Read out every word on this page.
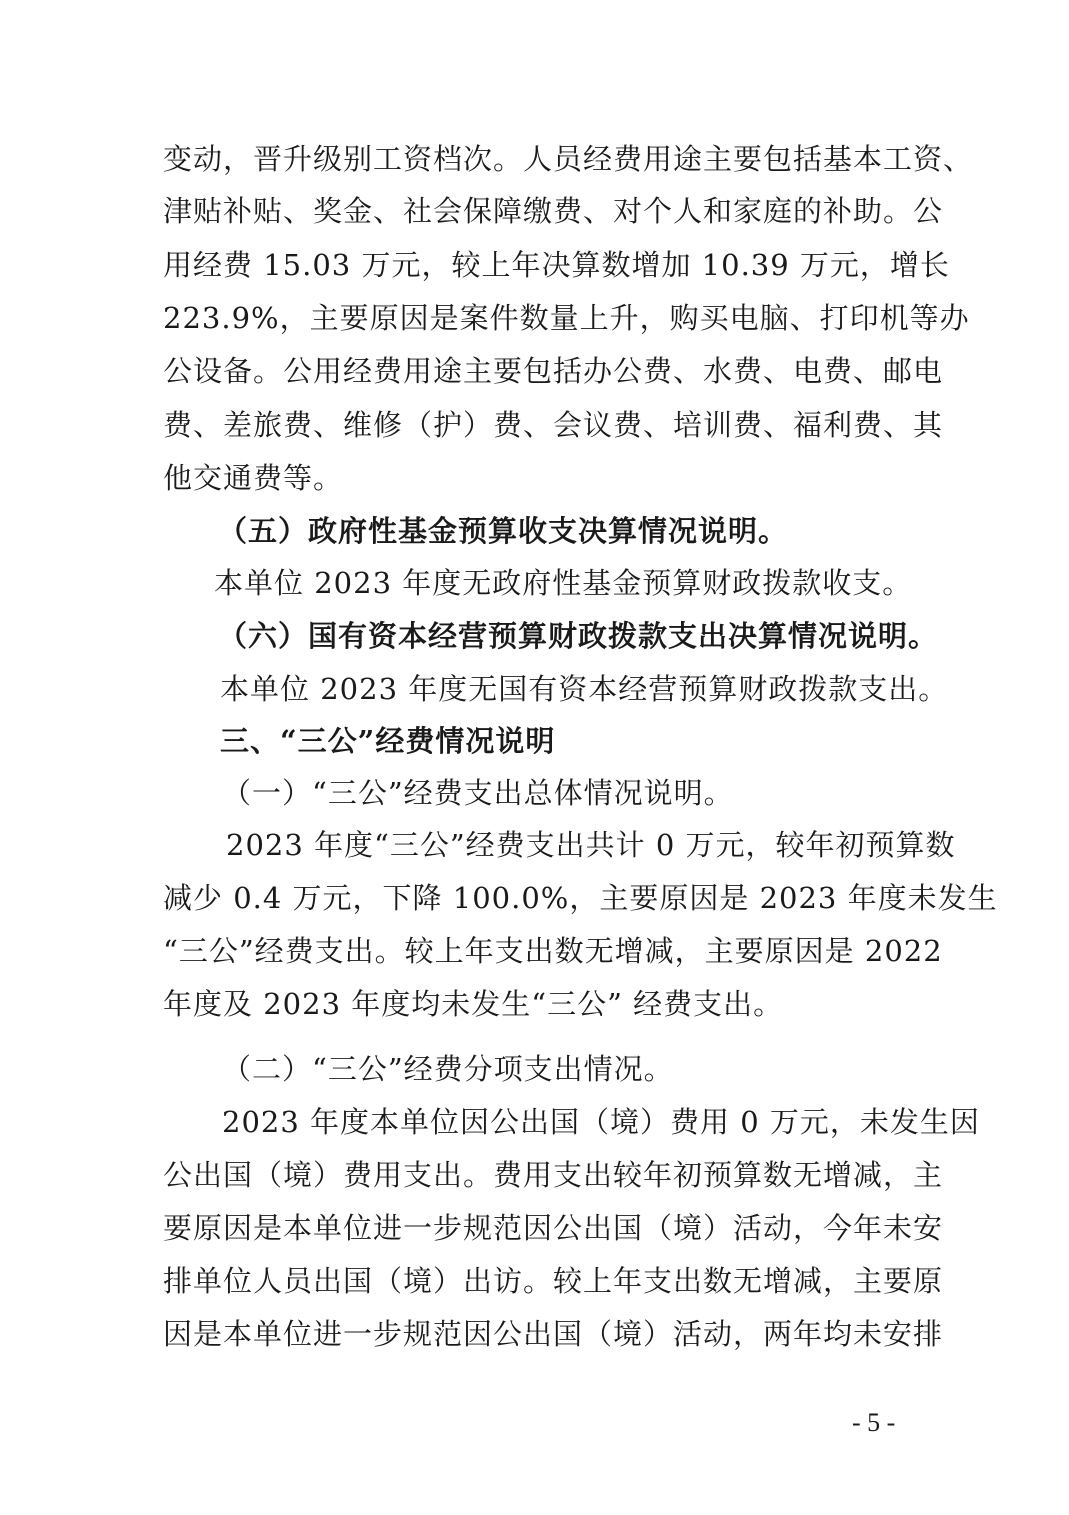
变动，晋升级别工资档次。人员经费用途主要包括基本工资、
津贴补贴、奖金、社会保障缴费、对个人和家庭的补助。公
用经费 15.03 万元，较上年决算数增加 10.39 万元，增长
223.9%，主要原因是案件数量上升，购买电脑、打印机等办
公设备。公用经费用途主要包括办公费、水费、电费、邮电
费、差旅费、维修（护）费、会议费、培训费、福利费、其
他交通费等。
（五）政府性基金预算收支决算情况说明。
本单位 2023 年度无政府性基金预算财政拨款收支。
（六）国有资本经营预算财政拨款支出决算情况说明。
本单位 2023 年度无国有资本经营预算财政拨款支出。
三、“三公”经费情况说明
（一）“三公”经费支出总体情况说明。
2023 年度“三公”经费支出共计 0 万元，较年初预算数
减少 0.4 万元，下降 100.0%，主要原因是 2023 年度未发生
“三公”经费支出。较上年支出数无增减，主要原因是 2022
年度及 2023 年度均未发生“三公” 经费支出。
（二）“三公”经费分项支出情况。
2023 年度本单位因公出国（境）费用 0 万元，未发生因
公出国（境）费用支出。费用支出较年初预算数无增减，主
要原因是本单位进一步规范因公出国（境）活动，今年未安
排单位人员出国（境）出访。较上年支出数无增减，主要原
因是本单位进一步规范因公出国（境）活动，两年均未安排
- 5 -
